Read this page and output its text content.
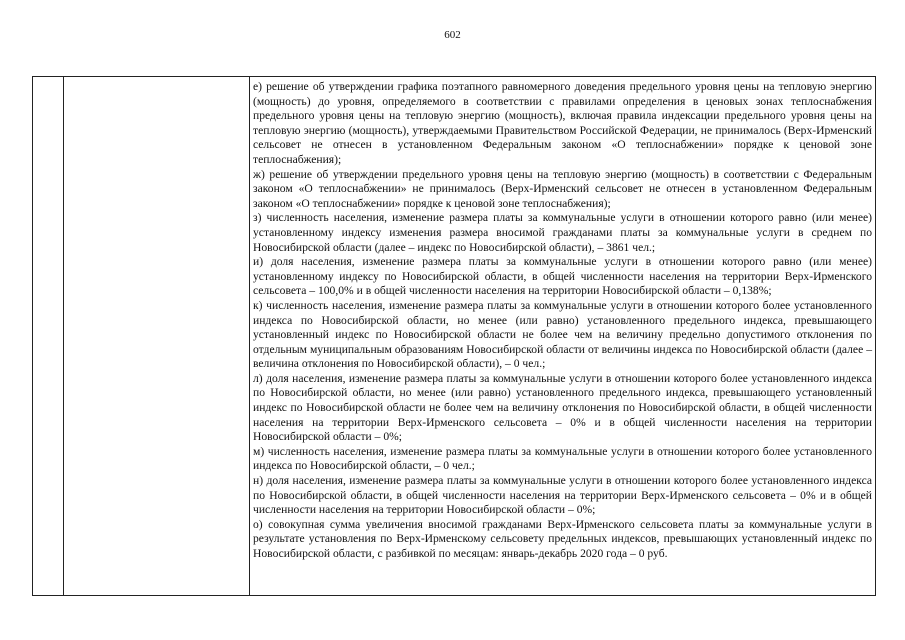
602

е) решение об утверждении графика поэтапного равномерного доведения предельного уровня цены на тепловую энергию (мощность) до уровня, определяемого в соответствии с правилами определения в ценовых зонах теплоснабжения предельного уровня цены на тепловую энергию (мощность), включая правила индексации предельного уровня цены на тепловую энергию (мощность), утверждаемыми Правительством Российской Федерации, не принималось (Верх-Ирменский сельсовет не отнесен в установленном Федеральным законом «О теплоснабжении» порядке к ценовой зоне теплоснабжения);

ж) решение об утверждении предельного уровня цены на тепловую энергию (мощность) в соответствии с Федеральным законом «О теплоснабжении» не принималось (Верх-Ирменский сельсовет не отнесен в установленном Федеральным законом «О теплоснабжении» порядке к ценовой зоне теплоснабжения);

з) численность населения, изменение размера платы за коммунальные услуги в отношении которого равно (или менее) установленному индексу изменения размера вносимой гражданами платы за коммунальные услуги в среднем по Новосибирской области (далее – индекс по Новосибирской области), – 3861 чел.;

и) доля населения, изменение размера платы за коммунальные услуги в отношении которого равно (или менее) установленному индексу по Новосибирской области, в общей численности населения на территории Верх-Ирменского сельсовета – 100,0% и в общей численности населения на территории Новосибирской области – 0,138%;

к) численность населения, изменение размера платы за коммунальные услуги в отношении которого более установленного индекса по Новосибирской области, но менее (или равно) установленного предельного индекса, превышающего установленный индекс по Новосибирской области не более чем на величину предельно допустимого отклонения по отдельным муниципальным образованиям Новосибирской области от величины индекса по Новосибирской области (далее – величина отклонения по Новосибирской области), – 0 чел.;

л) доля населения, изменение размера платы за коммунальные услуги в отношении которого более установленного индекса по Новосибирской области, но менее (или равно) установленного предельного индекса, превышающего установленный индекс по Новосибирской области не более чем на величину отклонения по Новосибирской области, в общей численности населения на территории Верх-Ирменского сельсовета – 0% и в общей численности населения на территории Новосибирской области – 0%;

м) численность населения, изменение размера платы за коммунальные услуги в отношении которого более установленного индекса по Новосибирской области, – 0 чел.;

н) доля населения, изменение размера платы за коммунальные услуги в отношении которого более установленного индекса по Новосибирской области, в общей численности населения на территории Верх-Ирменского сельсовета – 0% и в общей численности населения на территории Новосибирской области – 0%;

о) совокупная сумма увеличения вносимой гражданами Верх-Ирменского сельсовета платы за коммунальные услуги в результате установления по Верх-Ирменскому сельсовету предельных индексов, превышающих установленный индекс по Новосибирской области, с разбивкой по месяцам: январь-декабрь 2020 года – 0 руб.
